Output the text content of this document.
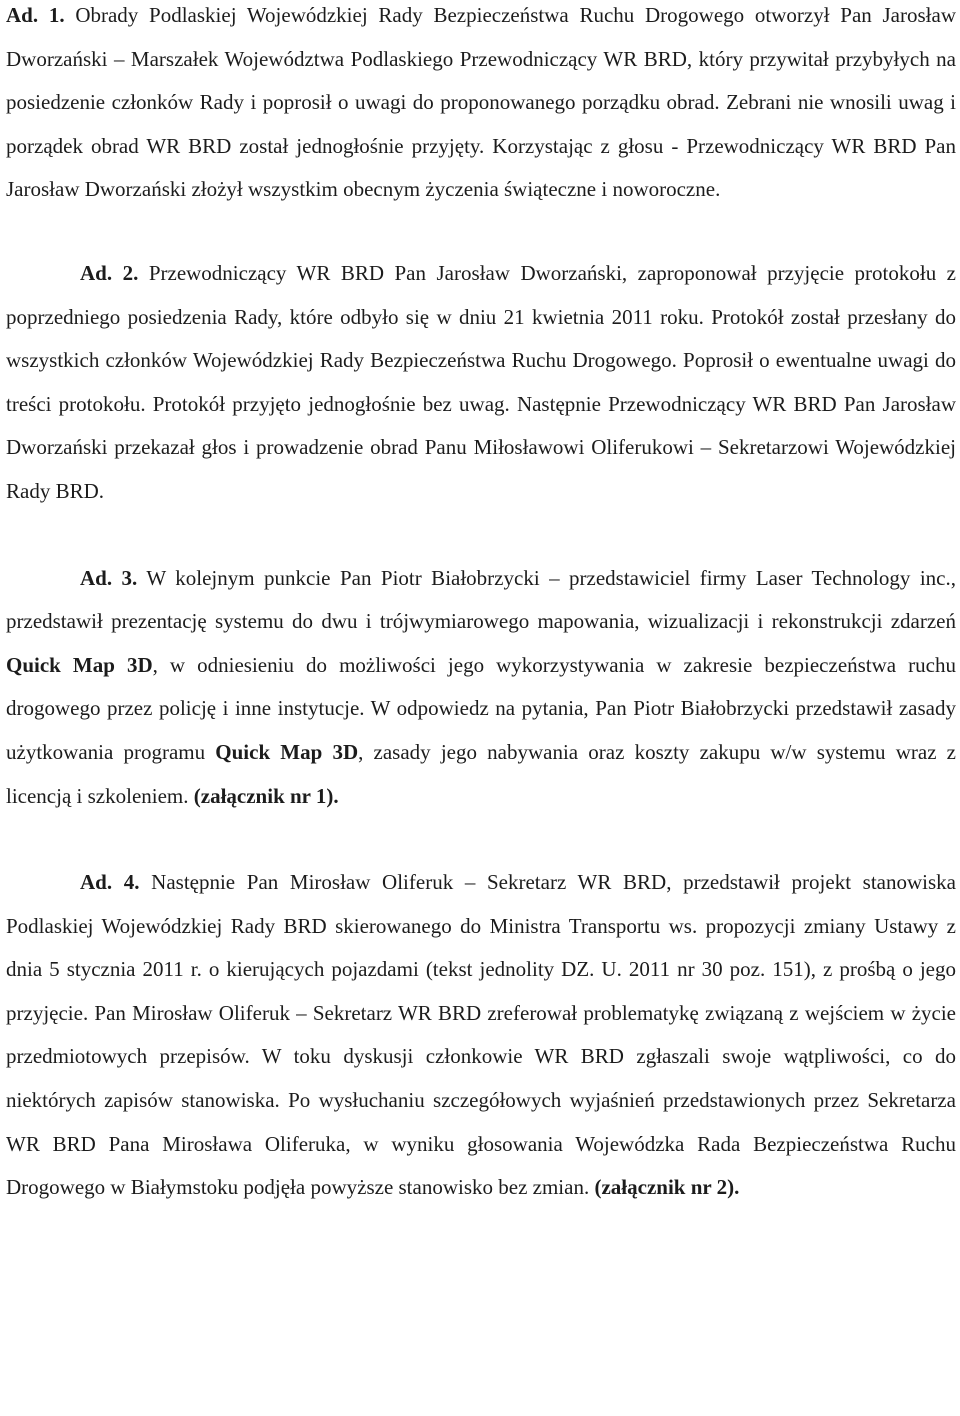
Ad. 1. Obrady Podlaskiej Wojewódzkiej Rady Bezpieczeństwa Ruchu Drogowego otworzył Pan Jarosław Dworzański – Marszałek Województwa Podlaskiego Przewodniczący WR BRD, który przywitał przybyłych na posiedzenie członków Rady i poprosił o uwagi do proponowanego porządku obrad. Zebrani nie wnosili uwag i porządek obrad WR BRD został jednogłośnie przyjęty. Korzystając z głosu - Przewodniczący WR BRD Pan Jarosław Dworzański złożył wszystkim obecnym życzenia świąteczne i noworoczne.

Ad. 2. Przewodniczący WR BRD Pan Jarosław Dworzański, zaproponował przyjęcie protokołu z poprzedniego posiedzenia Rady, które odbyło się w dniu 21 kwietnia 2011 roku. Protokół został przesłany do wszystkich członków Wojewódzkiej Rady Bezpieczeństwa Ruchu Drogowego. Poprosił o ewentualne uwagi do treści protokołu. Protokół przyjęto jednogłośnie bez uwag. Następnie Przewodniczący WR BRD Pan Jarosław Dworzański przekazał głos i prowadzenie obrad Panu Miłosławowi Oliferukowi – Sekretarzowi Wojewódzkiej Rady BRD.

Ad. 3. W kolejnym punkcie Pan Piotr Białobrzycki – przedstawiciel firmy Laser Technology inc., przedstawił prezentację systemu do dwu i trójwymiarowego mapowania, wizualizacji i rekonstrukcji zdarzeń Quick Map 3D, w odniesieniu do możliwości jego wykorzystywania w zakresie bezpieczeństwa ruchu drogowego przez policję i inne instytucje. W odpowiedz na pytania, Pan Piotr Białobrzycki przedstawił zasady użytkowania programu Quick Map 3D, zasady jego nabywania oraz koszty zakupu w/w systemu wraz z licencją i szkoleniem. (załącznik nr 1).

Ad. 4. Następnie Pan Mirosław Oliferuk – Sekretarz WR BRD, przedstawił projekt stanowiska Podlaskiej Wojewódzkiej Rady BRD skierowanego do Ministra Transportu ws. propozycji zmiany Ustawy z dnia 5 stycznia 2011 r. o kierujących pojazdami (tekst jednolity DZ. U. 2011 nr 30 poz. 151), z prośbą o jego przyjęcie. Pan Mirosław Oliferuk – Sekretarz WR BRD zreferował problematykę związaną z wejściem w życie przedmiotowych przepisów. W toku dyskusji członkowie WR BRD zgłaszali swoje wątpliwości, co do niektórych zapisów stanowiska. Po wysłuchaniu szczegółowych wyjaśnień przedstawionych przez Sekretarza WR BRD Pana Mirosława Oliferuka, w wyniku głosowania Wojewódzka Rada Bezpieczeństwa Ruchu Drogowego w Białymstoku podjęła powyższe stanowisko bez zmian. (załącznik nr 2).
